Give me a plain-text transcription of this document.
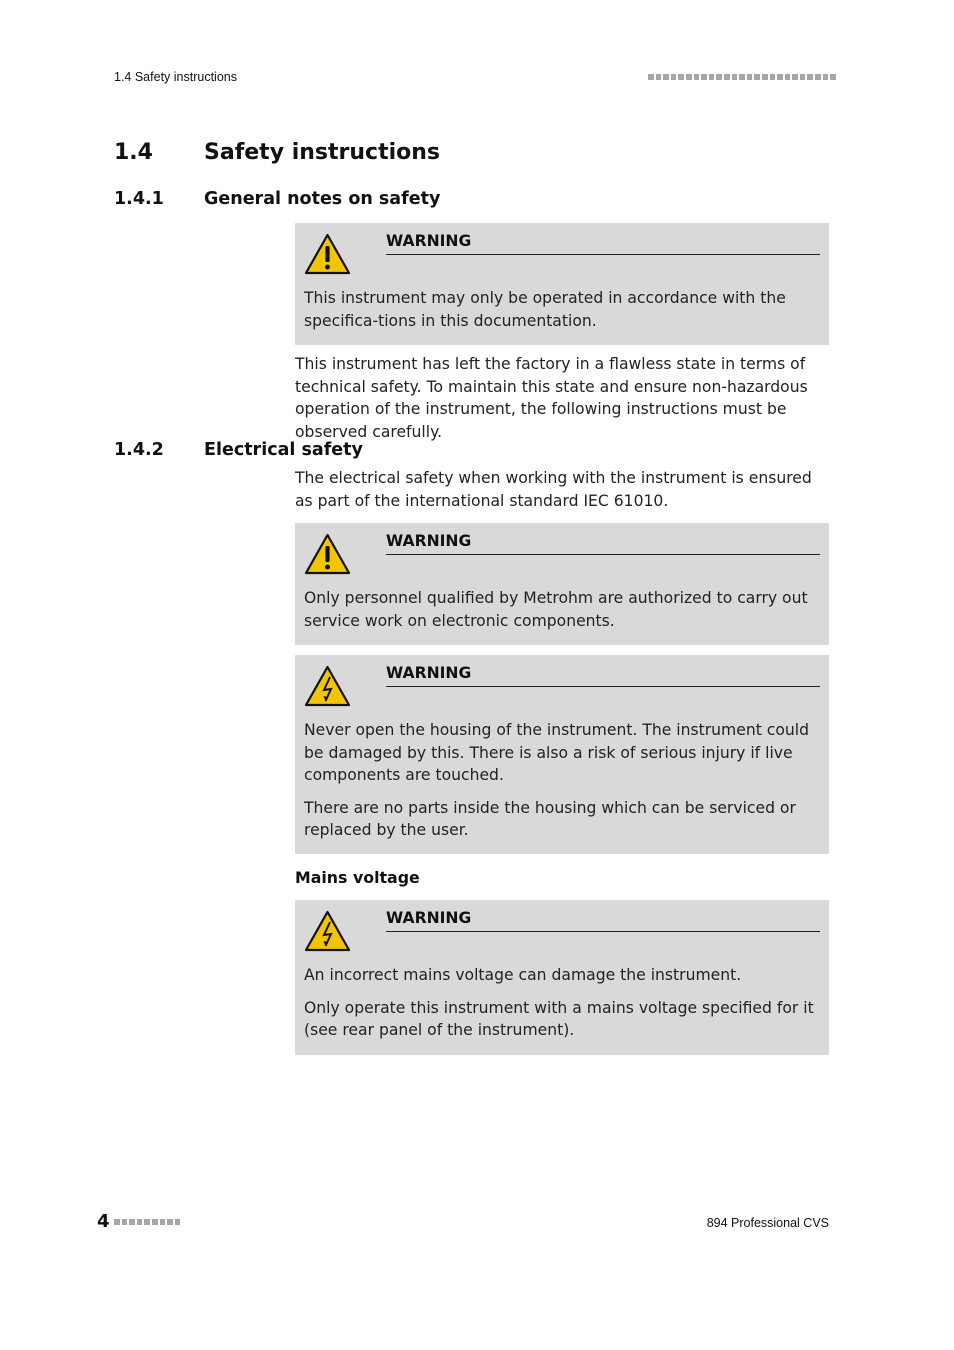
1.4 Safety instructions
1.4 Safety instructions
1.4.1 General notes on safety
WARNING

This instrument may only be operated in accordance with the specifica-tions in this documentation.

This instrument has left the factory in a flawless state in terms of technical safety. To maintain this state and ensure non-hazardous operation of the instrument, the following instructions must be observed carefully.
1.4.2 Electrical safety
The electrical safety when working with the instrument is ensured as part of the international standard IEC 61010.
WARNING

Only personnel qualified by Metrohm are authorized to carry out service work on electronic components.

WARNING

Never open the housing of the instrument. The instrument could be damaged by this. There is also a risk of serious injury if live components are touched.

There are no parts inside the housing which can be serviced or replaced by the user.

Mains voltage
WARNING

An incorrect mains voltage can damage the instrument.

Only operate this instrument with a mains voltage specified for it (see rear panel of the instrument).

4	894 Professional CVS
